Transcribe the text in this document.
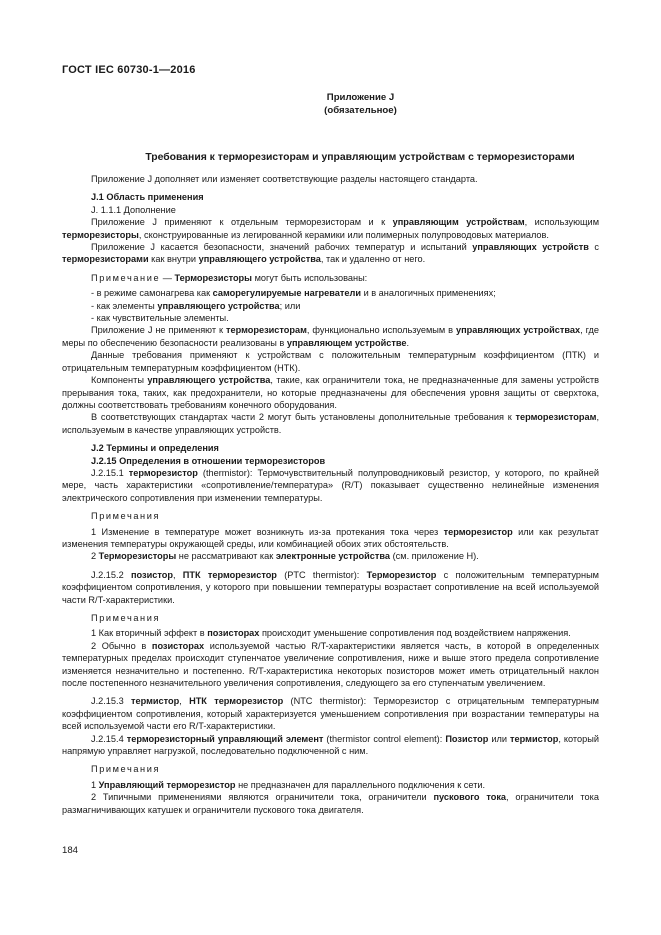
ГОСТ IEC 60730-1—2016
Приложение J
(обязательное)
Требования к терморезисторам и управляющим устройствам с терморезисторами

Приложение J дополняет или изменяет соответствующие разделы настоящего стандарта.

J.1 Область применения

J. 1.1.1 Дополнение

Приложение J применяют к отдельным терморезисторам и к управляющим устройствам, использующим терморезисторы, сконструированные из легированной керамики или полимерных полупроводовых материалов.

Приложение J касается безопасности, значений рабочих температур и испытаний управляющих устройств с терморезисторами как внутри управляющего устройства, так и удаленно от него.

Примечание — Терморезисторы могут быть использованы:

- в режиме самонагрева как саморегулируемые нагреватели и в аналогичных применениях;

- как элементы управляющего устройства; или

- как чувствительные элементы.

Приложение J не применяют к терморезисторам, функционально используемым в управляющих устройствах, где меры по обеспечению безопасности реализованы в управляющем устройстве.

Данные требования применяют к устройствам с положительным температурным коэффициентом (ПТК) и отрицательным температурным коэффициентом (НТК).

Компоненты управляющего устройства, такие, как ограничители тока, не предназначенные для замены устройств прерывания тока, таких, как предохранители, но которые предназначены для обеспечения уровня защиты от сверхтока, должны соответствовать требованиям конечного оборудования.

В соответствующих стандартах части 2 могут быть установлены дополнительные требования к терморезисторам, используемым в качестве управляющих устройств.

J.2 Термины и определения

J.2.15 Определения в отношении терморезисторов

J.2.15.1 терморезистор (thermistor): Термочувствительный полупроводниковый резистор, у которого, по крайней мере, часть характеристики «сопротивление/температура» (R/T) показывает существенно нелинейные изменения электрического сопротивления при изменении температуры.

Примечания

1 Изменение в температуре может возникнуть из-за протекания тока через терморезистор или как результат изменения температуры окружающей среды, или комбинацией обоих этих обстоятельств.

2 Терморезисторы не рассматривают как электронные устройства (см. приложение H).

J.2.15.2 позистор, ПТК терморезистор (PTC thermistor): Терморезистор с положительным температурным коэффициентом сопротивления, у которого при повышении температуры возрастает сопротивление на всей используемой части R/T-характеристики.

Примечания

1 Как вторичный эффект в позисторах происходит уменьшение сопротивления под воздействием напряжения.

2 Обычно в позисторах используемой частью R/T-характеристики является часть, в которой в определенных температурных пределах происходит ступенчатое увеличение сопротивления, ниже и выше этого предела сопротивление изменяется незначительно и постепенно. R/T-характеристика некоторых позисторов может иметь отрицательный наклон после постепенного незначительного увеличения сопротивления, следующего за его ступенчатым увеличением.

J.2.15.3 термистор, НТК терморезистор (NTC thermistor): Терморезистор с отрицательным температурным коэффициентом сопротивления, который характеризуется уменьшением сопротивления при возрастании температуры на всей используемой части его R/T-характеристики.

J.2.15.4 терморезисторный управляющий элемент (thermistor control element): Позистор или термистор, который напрямую управляет нагрузкой, последовательно подключенной с ним.

Примечания

1 Управляющий терморезистор не предназначен для параллельного подключения к сети.

2 Типичными применениями являются ограничители тока, ограничители пускового тока, ограничители тока размагничивающих катушек и ограничители пускового тока двигателя.

184
